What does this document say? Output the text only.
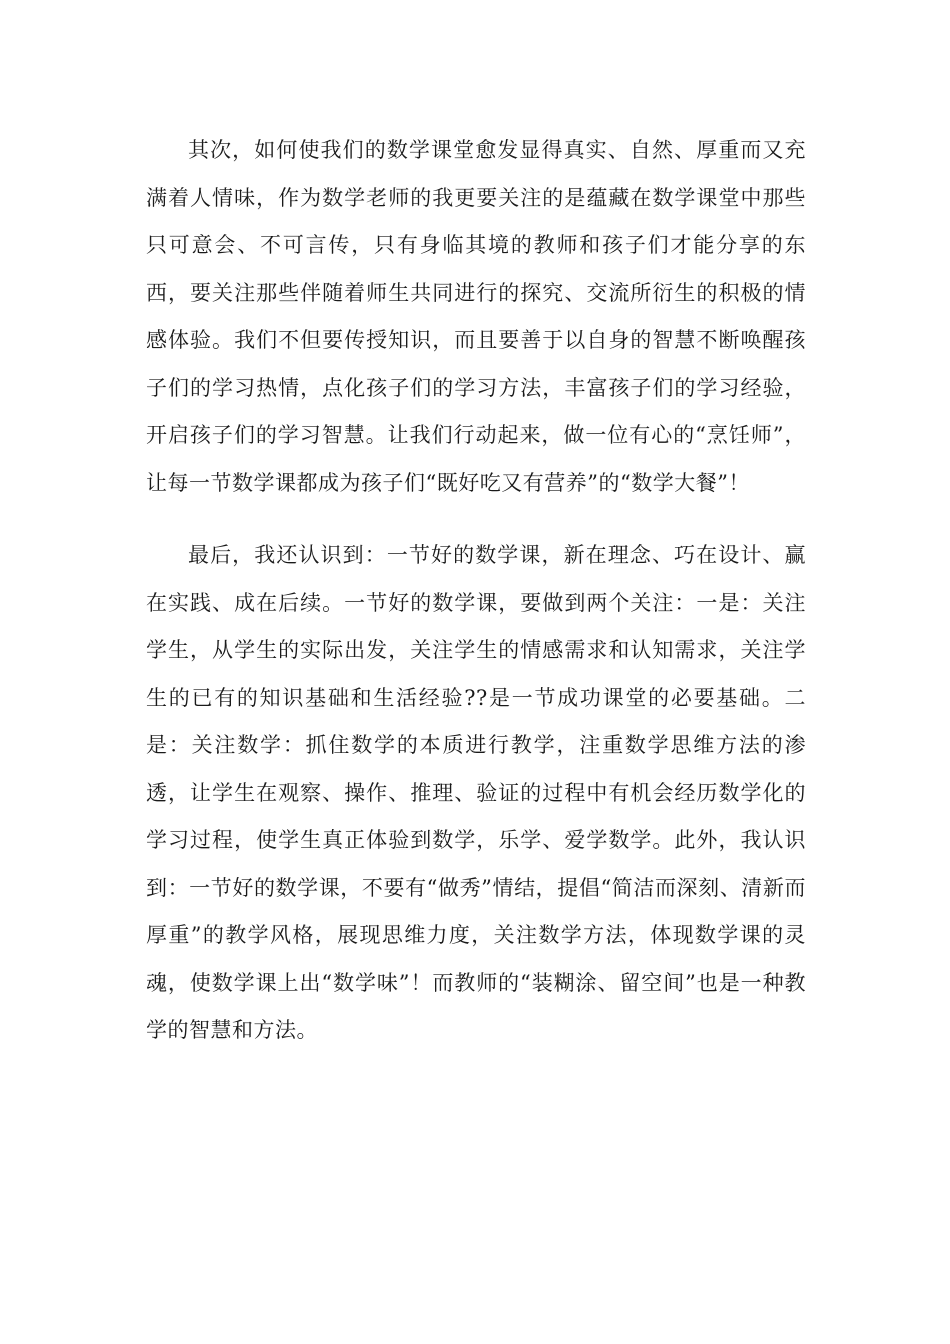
其次，如何使我们的数学课堂愈发显得真实、自然、厚重而又充满着人情味，作为数学老师的我更要关注的是蕴藏在数学课堂中那些只可意会、不可言传，只有身临其境的教师和孩子们才能分享的东西，要关注那些伴随着师生共同进行的探究、交流所衍生的积极的情感体验。我们不但要传授知识，而且要善于以自身的智慧不断唤醒孩子们的学习热情，点化孩子们的学习方法，丰富孩子们的学习经验，开启孩子们的学习智慧。让我们行动起来，做一位有心的“烹饪师”，让每一节数学课都成为孩子们“既好吃又有营养”的“数学大餐”！

最后，我还认识到：一节好的数学课，新在理念、巧在设计、赢在实践、成在后续。一节好的数学课，要做到两个关注：一是：关注学生，从学生的实际出发，关注学生的情感需求和认知需求，关注学生的已有的知识基础和生活经验??是一节成功课堂的必要基础。二是：关注数学：抓住数学的本质进行教学，注重数学思维方法的渗透，让学生在观察、操作、推理、验证的过程中有机会经历数学化的学习过程，使学生真正体验到数学，乐学、爱学数学。此外，我认识到：一节好的数学课，不要有“做秀”情结，提倡“简洁而深刻、清新而厚重”的教学风格，展现思维力度，关注数学方法，体现数学课的灵魂，使数学课上出“数学味”！而教师的“装糊涂、留空间”也是一种教学的智慧和方法。
